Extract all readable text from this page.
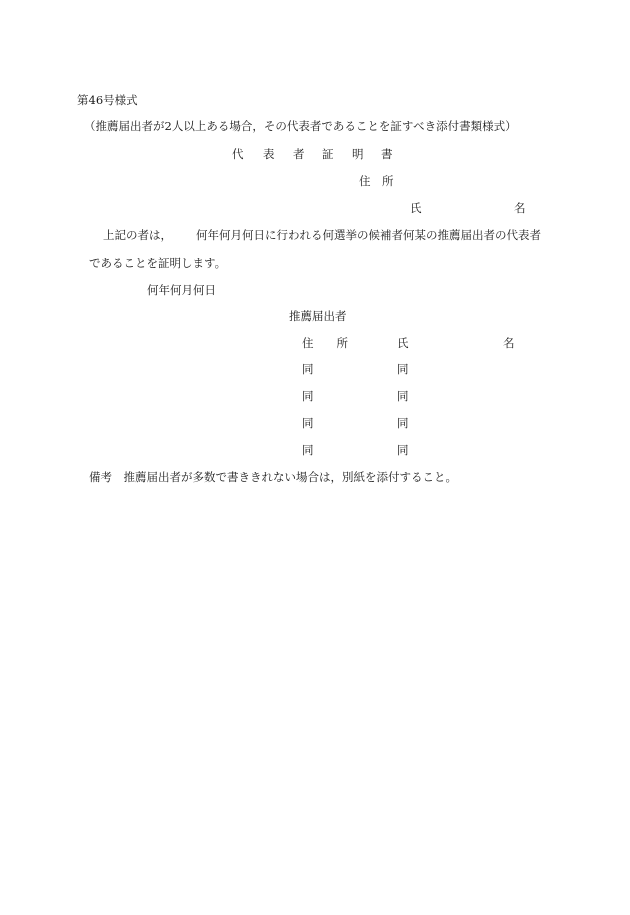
第46号様式
（推薦届出者が2人以上ある場合，その代表者であることを証すべき添付書類様式）
代 表 者 証 明 書
住　所
氏	名
上記の者は， 何年何月何日に行われる何選挙の候補者何某の推薦届出者の代表者
であることを証明します。
何年何月何日
推薦届出者
住　　所	氏	名
同	同
同	同
同	同
同	同
備考　推薦届出者が多数で書ききれない場合は，別紙を添付すること。
